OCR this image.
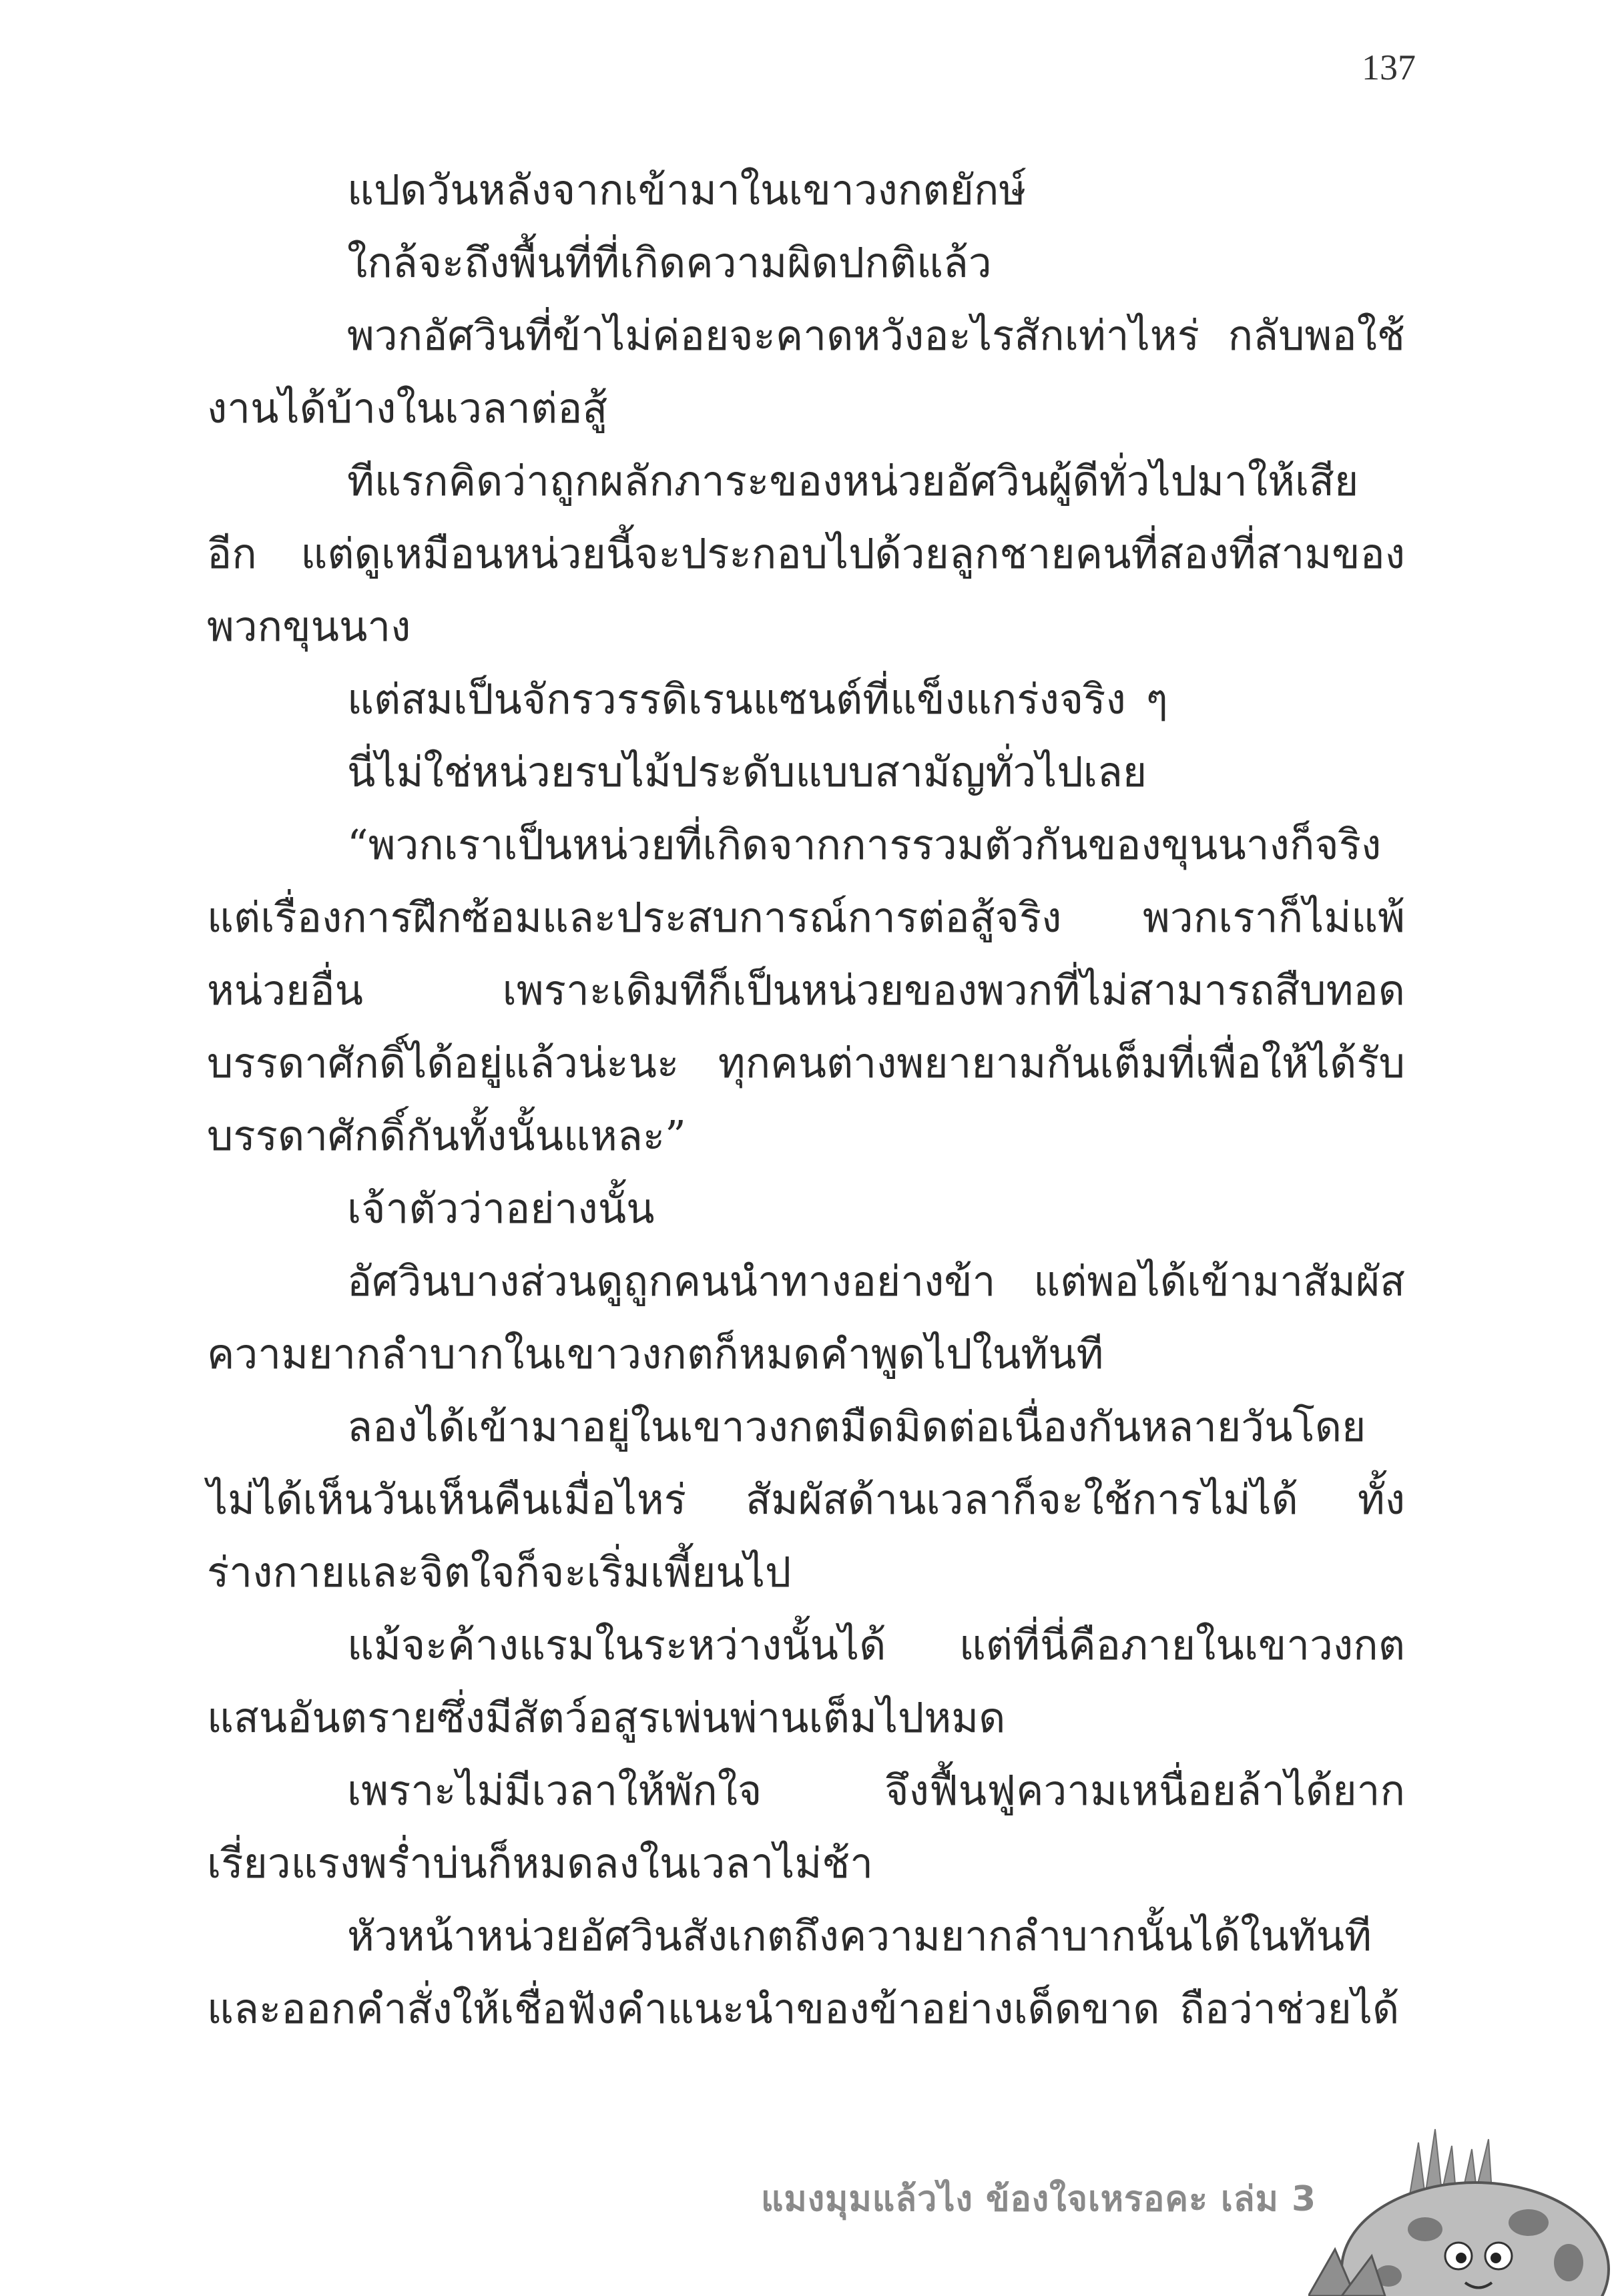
137

แปดวันหลังจากเข้ามาในเขาวงกตยักษ์

ใกล้จะถึงพื้นที่ที่เกิดความผิดปกติแล้ว

พวกอัศวินที่ข้าไม่ค่อยจะคาดหวังอะไรสักเท่าไหร่ กลับพอใช้งานได้บ้างในเวลาต่อสู้

ทีแรกคิดว่าถูกผลักภาระของหน่วยอัศวินผู้ดีทั่วไปมาให้เสียอีก แต่ดูเหมือนหน่วยนี้จะประกอบไปด้วยลูกชายคนที่สองที่สามของพวกขุนนาง

แต่สมเป็นจักรวรรดิเรนแซนต์ที่แข็งแกร่งจริง ๆ

นี่ไม่ใช่หน่วยรบไม้ประดับแบบสามัญทั่วไปเลย

“พวกเราเป็นหน่วยที่เกิดจากการรวมตัวกันของขุนนางก็จริง แต่เรื่องการฝึกซ้อมและประสบการณ์การต่อสู้จริง พวกเราก็ไม่แพ้หน่วยอื่น เพราะเดิมทีก็เป็นหน่วยของพวกที่ไม่สามารถสืบทอดบรรดาศักดิ์ได้อยู่แล้วน่ะนะ ทุกคนต่างพยายามกันเต็มที่เพื่อให้ได้รับบรรดาศักดิ์กันทั้งนั้นแหละ”

เจ้าตัวว่าอย่างนั้น

อัศวินบางส่วนดูถูกคนนำทางอย่างข้า แต่พอได้เข้ามาสัมผัสความยากลำบากในเขาวงกตก็หมดคำพูดไปในทันที

ลองได้เข้ามาอยู่ในเขาวงกตมืดมิดต่อเนื่องกันหลายวันโดยไม่ได้เห็นวันเห็นคืนเมื่อไหร่ สัมผัสด้านเวลาก็จะใช้การไม่ได้ ทั้งร่างกายและจิตใจก็จะเริ่มเพี้ยนไป

แม้จะค้างแรมในระหว่างนั้นได้ แต่ที่นี่คือภายในเขาวงกตแสนอันตรายซึ่งมีสัตว์อสูรเพ่นพ่านเต็มไปหมด

เพราะไม่มีเวลาให้พักใจ จึงฟื้นฟูความเหนื่อยล้าได้ยาก เรี่ยวแรงพร่ำบ่นก็หมดลงในเวลาไม่ช้า

หัวหน้าหน่วยอัศวินสังเกตถึงความยากลำบากนั้นได้ในทันทีและออกคำสั่งให้เชื่อฟังคำแนะนำของข้าอย่างเด็ดขาด ถือว่าช่วยได้

แมงมุมแล้วไง ข้องใจเหรอคะ เล่ม 3
